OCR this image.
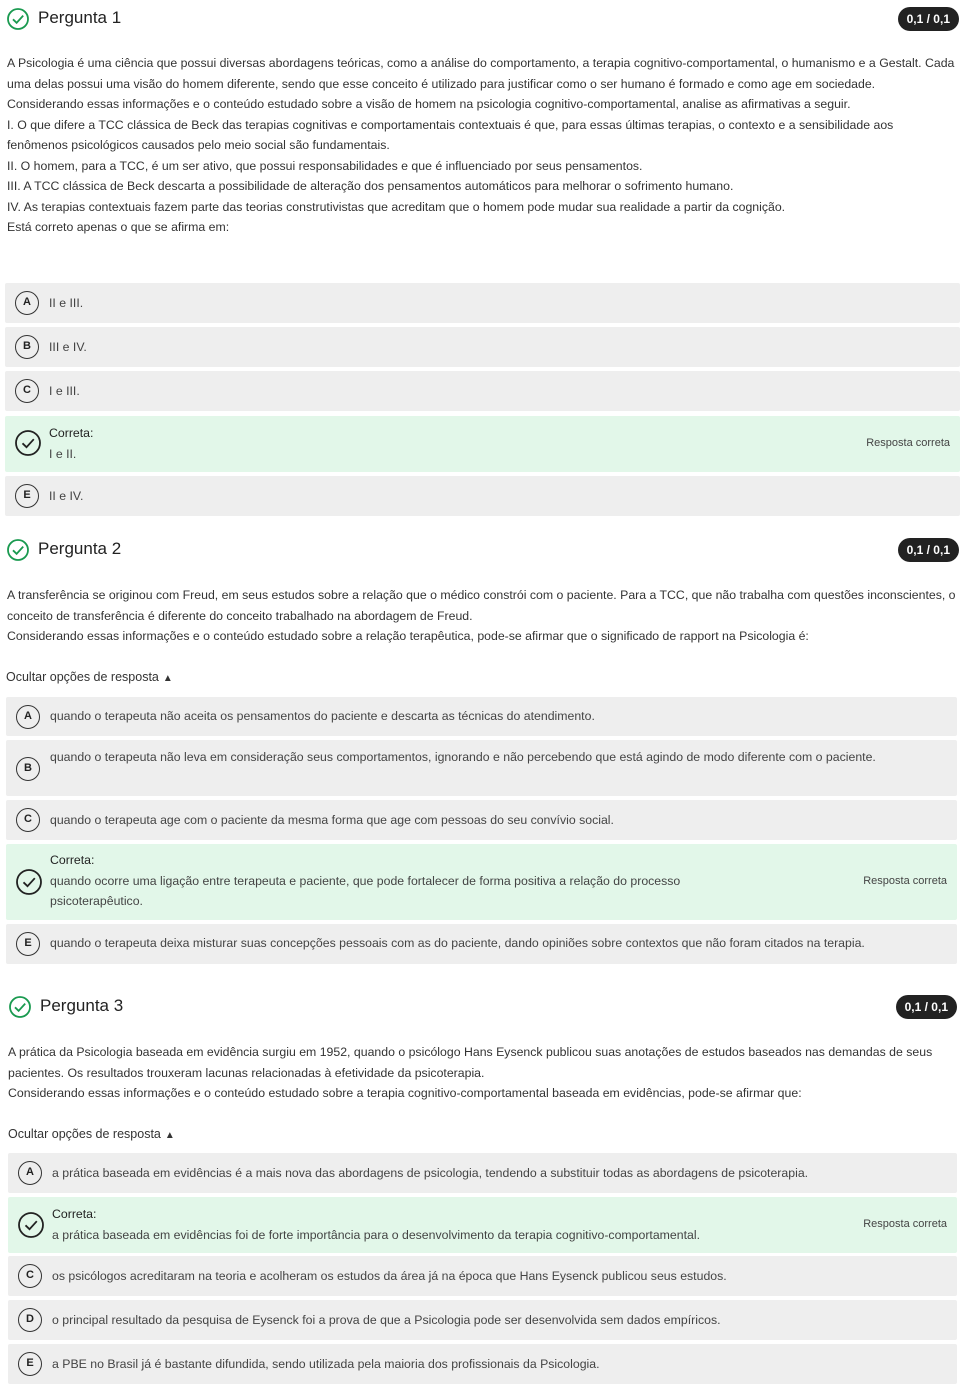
Pergunta 1	0,1 / 0,1

A Psicologia é uma ciência que possui diversas abordagens teóricas, como a análise do comportamento, a terapia cognitivo-comportamental, o humanismo e a Gestalt. Cada uma delas possui uma visão do homem diferente, sendo que esse conceito é utilizado para justificar como o ser humano é formado e como age em sociedade.

Considerando essas informações e o conteúdo estudado sobre a visão de homem na psicologia cognitivo-comportamental, analise as afirmativas a seguir.

I. O que difere a TCC clássica de Beck das terapias cognitivas e comportamentais contextuais é que, para essas últimas terapias, o contexto e a sensibilidade aos fenômenos psicológicos causados pelo meio social são fundamentais.

II. O homem, para a TCC, é um ser ativo, que possui responsabilidades e que é influenciado por seus pensamentos.

III. A TCC clássica de Beck descarta a possibilidade de alteração dos pensamentos automáticos para melhorar o sofrimento humano.

IV. As terapias contextuais fazem parte das teorias construtivistas que acreditam que o homem pode mudar sua realidade a partir da cognição.

Está correto apenas o que se afirma em:

A	II e III.
B	III e IV.
C	I e III.
Correta:
I e II.
Resposta correta
E	II e IV.
Pergunta 2	0,1 / 0,1

A transferência se originou com Freud, em seus estudos sobre a relação que o médico constrói com o paciente. Para a TCC, que não trabalha com questões inconscientes, o conceito de transferência é diferente do conceito trabalhado na abordagem de Freud.

Considerando essas informações e o conteúdo estudado sobre a relação terapêutica, pode-se afirmar que o significado de rapport na Psicologia é:

Ocultar opções de resposta ▲
A	quando o terapeuta não aceita os pensamentos do paciente e descarta as técnicas do atendimento.
B
quando o terapeuta não leva em consideração seus comportamentos, ignorando e não percebendo que está agindo de modo diferente com o paciente.
C	quando o terapeuta age com o paciente da mesma forma que age com pessoas do seu convívio social.
Correta:
quando ocorre uma ligação entre terapeuta e paciente, que pode fortalecer de forma positiva a relação do processo psicoterapêutico.
Resposta correta
E	quando o terapeuta deixa misturar suas concepções pessoais com as do paciente, dando opiniões sobre contextos que não foram citados na terapia.
Pergunta 3	0,1 / 0,1

A prática da Psicologia baseada em evidência surgiu em 1952, quando o psicólogo Hans Eysenck publicou suas anotações de estudos baseados nas demandas de seus pacientes. Os resultados trouxeram lacunas relacionadas à efetividade da psicoterapia.

Considerando essas informações e o conteúdo estudado sobre a terapia cognitivo-comportamental baseada em evidências, pode-se afirmar que:

Ocultar opções de resposta ▲
A	a prática baseada em evidências é a mais nova das abordagens de psicologia, tendendo a substituir todas as abordagens de psicoterapia.
Correta:
a prática baseada em evidências foi de forte importância para o desenvolvimento da terapia cognitivo-comportamental.
Resposta correta
C	os psicólogos acreditaram na teoria e acolheram os estudos da área já na época que Hans Eysenck publicou seus estudos.
D	o principal resultado da pesquisa de Eysenck foi a prova de que a Psicologia pode ser desenvolvida sem dados empíricos.
E	a PBE no Brasil já é bastante difundida, sendo utilizada pela maioria dos profissionais da Psicologia.
